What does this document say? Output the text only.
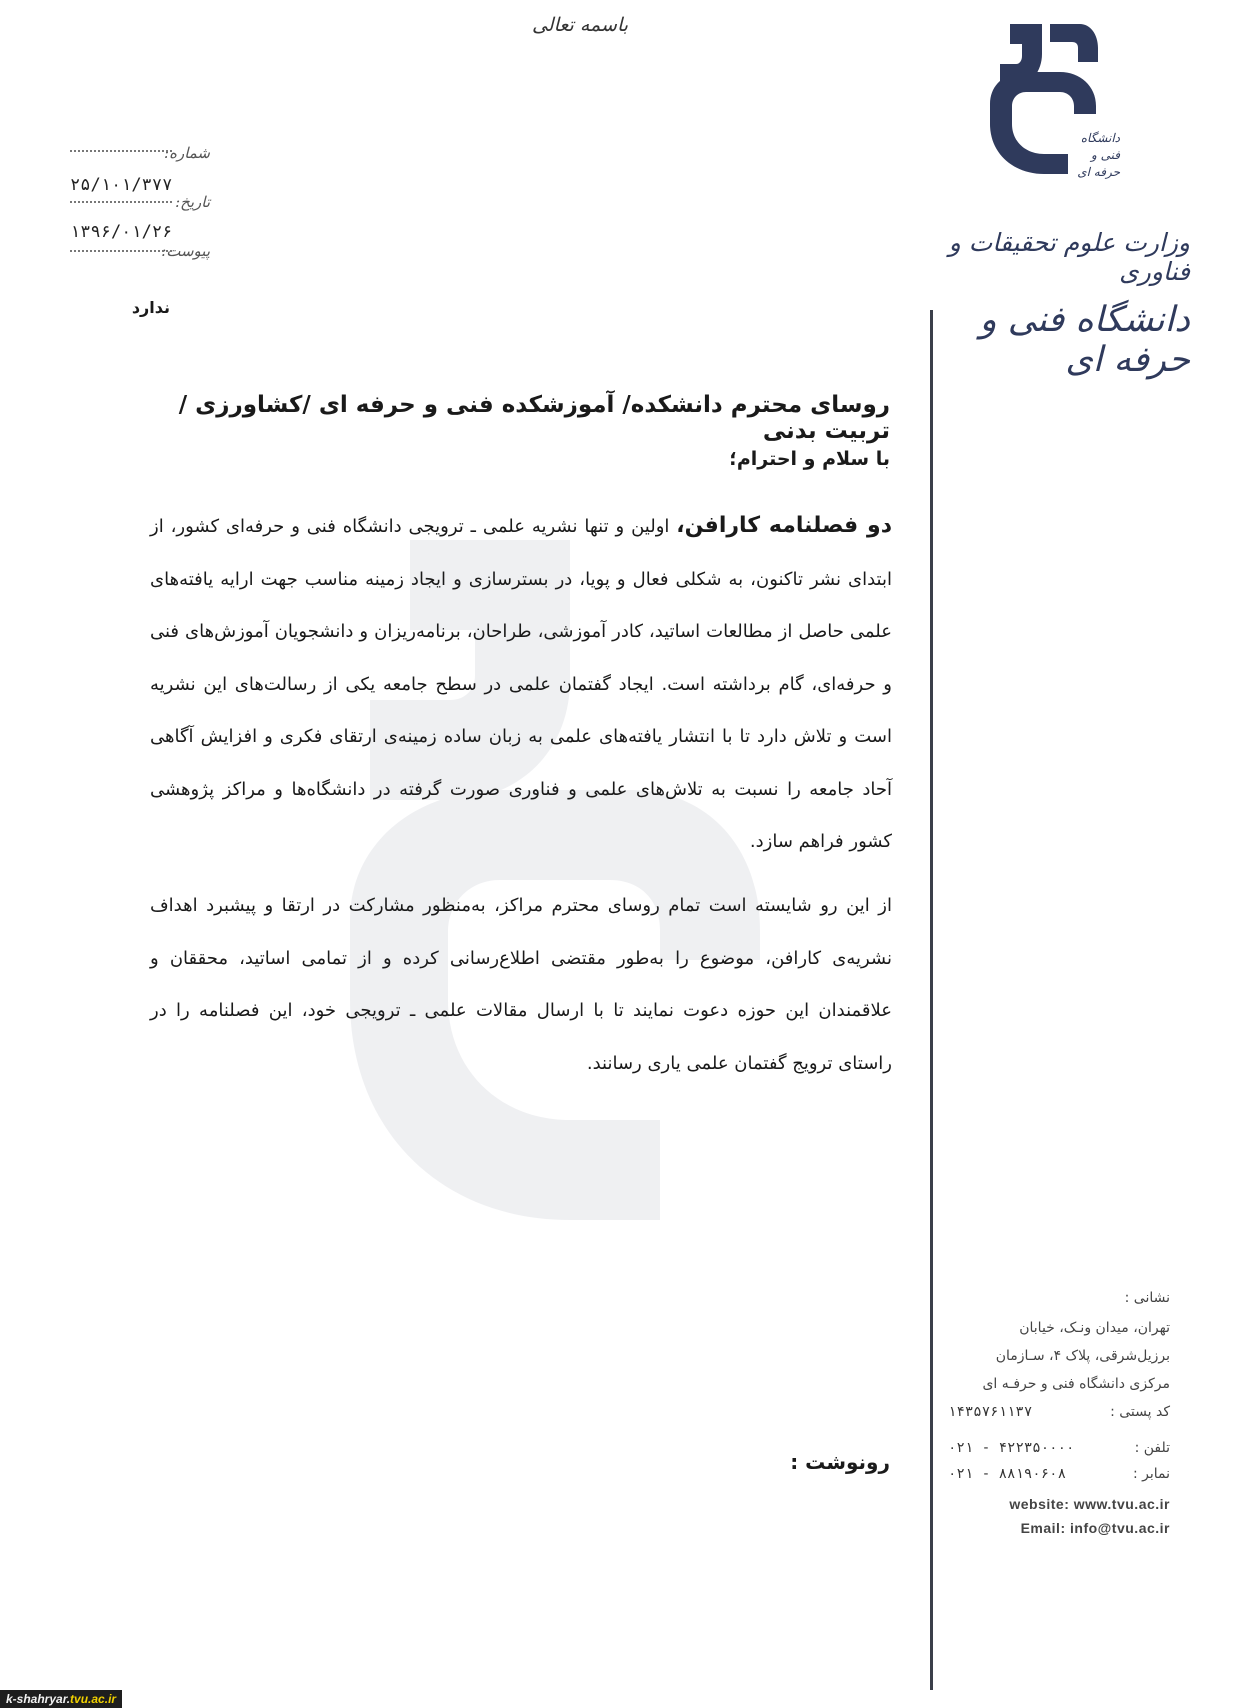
باسمه تعالی
شماره:
۲۵/۱۰۱/۳۷۷
تاریخ:
۱۳۹۶/۰۱/۲۶
پیوست:
ندارد
دانشگاه
فنی و حرفه ای
وزارت علوم تحقیقات و فناوری
دانشگاه فنی و حرفه ای
روسای محترم دانشکده/ آموزشکده فنی و حرفه ای /کشاورزی / تربیت بدنی
با سلام و احترام؛
دو فصلنامه کارافن، اولین و تنها نشریه علمی ـ ترویجی دانشگاه فنی و حرفه‌ای کشور، از ابتدای نشر تاکنون، به شکلی فعال و پویا، در بسترسازی و ایجاد زمینه مناسب جهت ارایه یافته‌های علمی حاصل از مطالعات اساتید، کادر آموزشی، طراحان، برنامه‌ریزان و دانشجویان آموزش‌های فنی و حرفه‌ای، گام برداشته است. ایجاد گفتمان علمی در سطح جامعه یکی از رسالت‌های این نشریه است و تلاش دارد تا با انتشار یافته‌های علمی به زبان ساده زمینه‌ی ارتقای فکری و افزایش آگاهی آحاد جامعه را نسبت به تلاش‌های علمی و فناوری صورت گرفته در دانشگاه‌ها و مراکز پژوهشی کشور فراهم سازد.
از این رو شایسته است تمام روسای محترم مراکز، به‌منظور مشارکت در ارتقا و پیشبرد اهداف نشریه‌ی کارافن، موضوع را به‌طور مقتضی اطلاع‌رسانی کرده و از تمامی اساتید، محققان و علاقمندان این حوزه دعوت نمایند تا با ارسال مقالات علمی ـ ترویجی خود، این فصلنامه را در راستای ترویج گفتمان علمی یاری رسانند.
رونوشت :
نشانی :
تهران، میدان ونـک، خیابان
برزیل‌شرقی، پلاک ۴، سـازمان
مرکزی دانشگاه فنی و حرفـه ای
کد پستی :
۱۴۳۵۷۶۱۱۳۷
تلفن :
۴۲۲۳۵۰۰۰۰ - ۰۲۱
نمابر :
۸۸۱۹۰۶۰۸ - ۰۲۱
website: www.tvu.ac.ir
Email: info@tvu.ac.ir
k-shahryar.tvu.ac.ir
